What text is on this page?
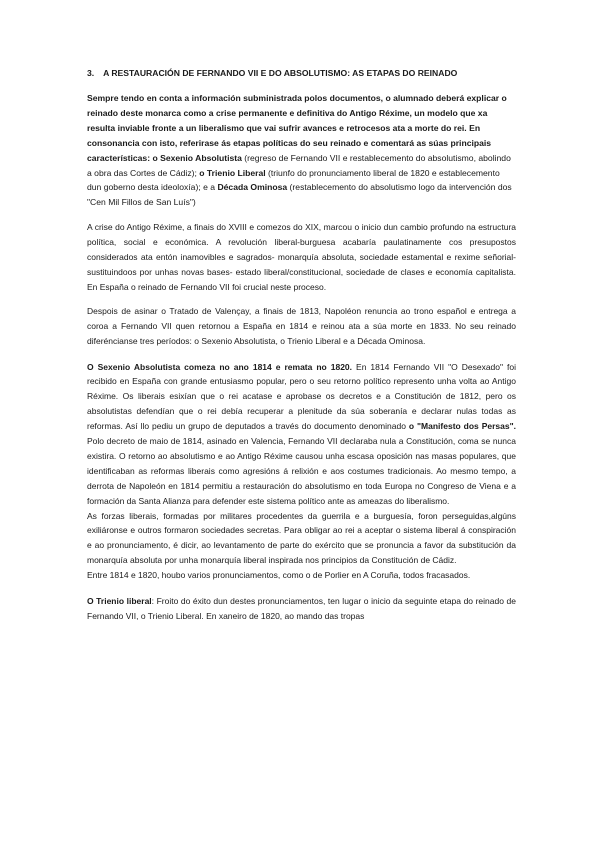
3. A RESTAURACIÓN DE FERNANDO VII E DO ABSOLUTISMO: AS ETAPAS DO REINADO

Sempre tendo en conta a información subministrada polos documentos, o alumnado deberá explicar o reinado deste monarca como a crise permanente e definitiva do Antigo Réxime, un modelo que xa resulta inviable fronte a un liberalismo que vai sufrir avances e retrocesos ata a morte do rei. En consonancia con isto, referirase ás etapas políticas do seu reinado e comentará as súas principais características: o Sexenio Absolutista (regreso de Fernando VII e restablecemento do absolutismo, abolindo a obra das Cortes de Cádiz); o Trienio Liberal (triunfo do pronunciamento liberal de 1820 e establecemento dun goberno desta ideoloxía); e a Década Ominosa (restablecemento do absolutismo logo da intervención dos "Cen Mil Fillos de San Luís")

A crise do Antigo Réxime, a finais do XVIII e comezos do XIX, marcou o inicio dun cambio profundo na estructura política, social e económica. A revolución liberal-burguesa acabaría paulatinamente cos presupostos considerados ata entón inamovibles e sagrados- monarquía absoluta, sociedade estamental e rexime señorial- sustituindoos por unhas novas bases- estado liberal/constitucional, sociedade de clases e economía capitalista. En España o reinado de Fernando VII foi crucial neste proceso.

Despois de asinar o Tratado de Valençay, a finais de 1813, Napoléon renuncia ao trono español e entrega a coroa a Fernando VII quen retornou a España en 1814 e reinou ata a súa morte en 1833. No seu reinado diferéncianse tres períodos: o Sexenio Absolutista, o Trienio Liberal e a Década Ominosa.

O Sexenio Absolutista comeza no ano 1814 e remata no 1820. En 1814 Fernando VII "O Desexado" foi recibido en España con grande entusiasmo popular, pero o seu retorno político represento unha volta ao Antigo Réxime. Os liberais esixían que o rei acatase e aprobase os decretos e a Constitución de 1812, pero os absolutistas defendían que o rei debía recuperar a plenitude da súa soberanía e declarar nulas todas as reformas. Así llo pediu un grupo de deputados a través do documento denominado o "Manifesto dos Persas". Polo decreto de maio de 1814, asinado en Valencia, Fernando VII declaraba nula a Constitución, coma se nunca existira. O retorno ao absolutismo e ao Antigo Réxime causou unha escasa oposición nas masas populares, que identificaban as reformas liberais como agresións á relixión e aos costumes tradicionais. Ao mesmo tempo, a derrota de Napoleón en 1814 permitiu a restauración do absolutismo en toda Europa no Congreso de Viena e a formación da Santa Alianza para defender este sistema político ante as ameazas do liberalismo.

As forzas liberais, formadas por militares procedentes da guerrila e a burguesía, foron perseguidas,algúns exiliáronse e outros formaron sociedades secretas. Para obligar ao rei a aceptar o sistema liberal á conspiración e ao pronunciamento, é dicir, ao levantamento de parte do exército que se pronuncia a favor da substitución da monarquía absoluta por unha monarquía liberal inspirada nos principios da Constitución de Cádiz.

Entre 1814 e 1820, houbo varios pronunciamentos, como o de Porlier en A Coruña, todos fracasados.

O Trienio liberal: Froito do éxito dun destes pronunciamentos, ten lugar o inicio da seguinte etapa do reinado de Fernando VII, o Trienio Liberal. En xaneiro de 1820, ao mando das tropas
